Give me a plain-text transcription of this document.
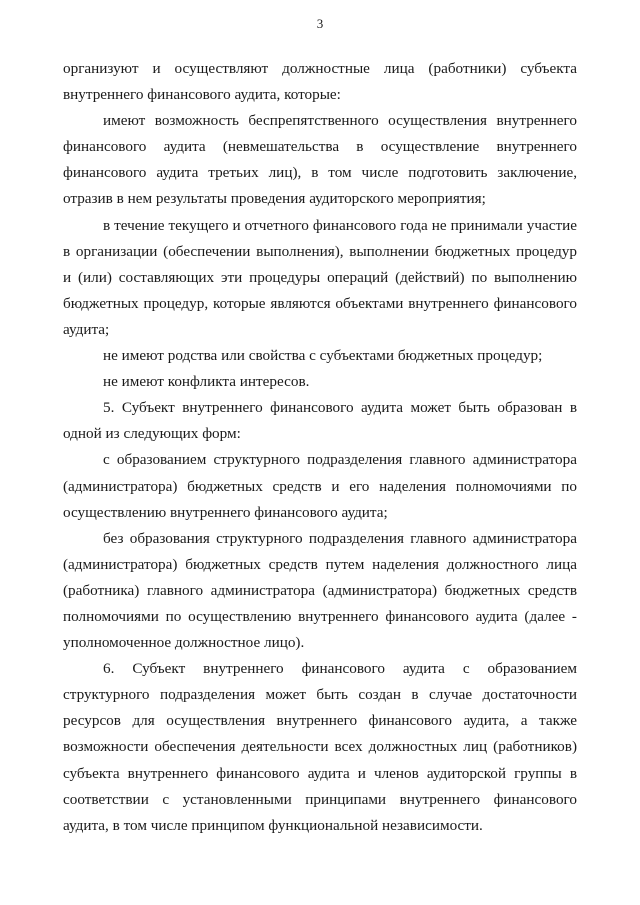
3

организуют и осуществляют должностные лица (работники) субъекта внутреннего финансового аудита, которые:

имеют возможность беспрепятственного осуществления внутреннего финансового аудита (невмешательства в осуществление внутреннего финансового аудита третьих лиц), в том числе подготовить заключение, отразив в нем результаты проведения аудиторского мероприятия;

в течение текущего и отчетного финансового года не принимали участие в организации (обеспечении выполнения), выполнении бюджетных процедур и (или) составляющих эти процедуры операций (действий) по выполнению бюджетных процедур, которые являются объектами внутреннего финансового аудита;

не имеют родства или свойства с субъектами бюджетных процедур;

не имеют конфликта интересов.

5. Субъект внутреннего финансового аудита может быть образован в одной из следующих форм:

с образованием структурного подразделения главного администратора (администратора) бюджетных средств и его наделения полномочиями по осуществлению внутреннего финансового аудита;

без образования структурного подразделения главного администратора (администратора) бюджетных средств путем наделения должностного лица (работника) главного администратора (администратора) бюджетных средств полномочиями по осуществлению внутреннего финансового аудита (далее - уполномоченное должностное лицо).

6. Субъект внутреннего финансового аудита с образованием структурного подразделения может быть создан в случае достаточности ресурсов для осуществления внутреннего финансового аудита, а также возможности обеспечения деятельности всех должностных лиц (работников) субъекта внутреннего финансового аудита и членов аудиторской группы в соответствии с установленными принципами внутреннего финансового аудита, в том числе принципом функциональной независимости.
